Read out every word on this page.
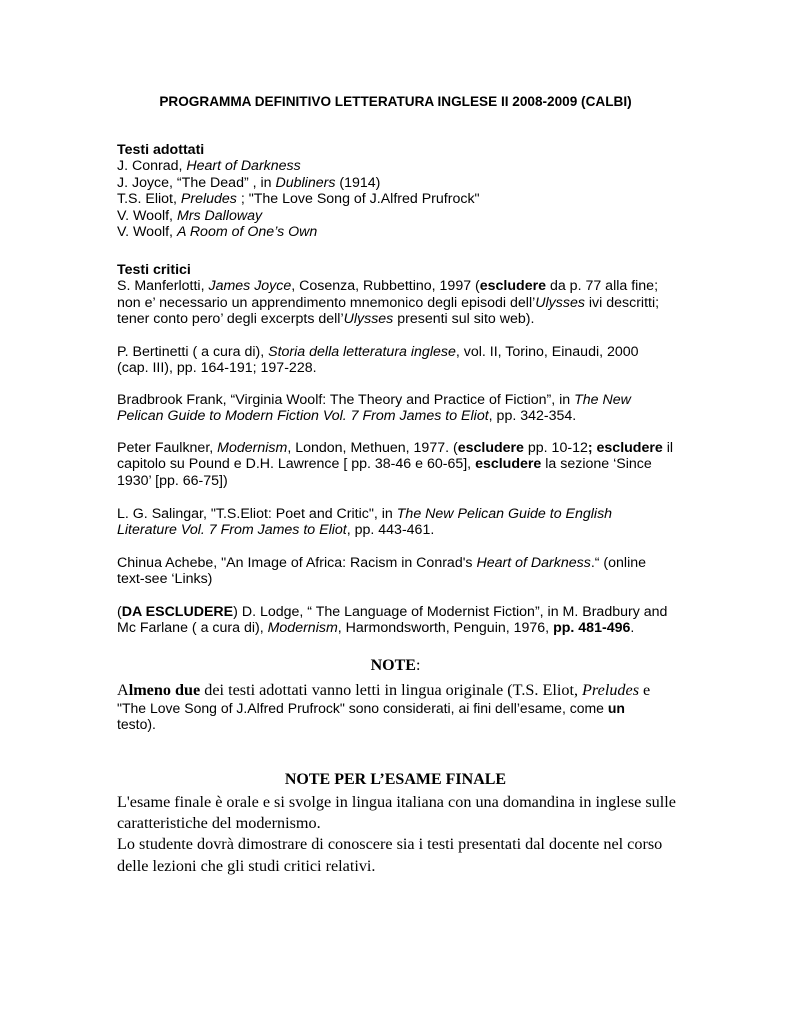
PROGRAMMA DEFINITIVO LETTERATURA INGLESE II 2008-2009 (CALBI)

Testi adottati

J. Conrad, Heart of Darkness

J. Joyce, “The Dead” , in Dubliners (1914)

T.S. Eliot, Preludes ; "The Love Song of J.Alfred Prufrock"

V. Woolf, Mrs Dalloway

V. Woolf, A Room of One’s Own

Testi critici

S. Manferlotti, James Joyce, Cosenza, Rubbettino, 1997 (escludere da p. 77 alla fine;
non e’ necessario un apprendimento mnemonico degli episodi dell’Ulysses ivi descritti;
tener conto pero’ degli excerpts dell’Ulysses presenti sul sito web).

P. Bertinetti ( a cura di), Storia della letteratura inglese, vol. II, Torino, Einaudi, 2000
(cap. III), pp. 164-191; 197-228.

Bradbrook Frank, “Virginia Woolf: The Theory and Practice of Fiction”, in The New
Pelican Guide to Modern Fiction Vol. 7 From James to Eliot, pp. 342-354.

Peter Faulkner, Modernism, London, Methuen, 1977. (escludere pp. 10-12; escludere il
capitolo su Pound e D.H. Lawrence [ pp. 38-46 e 60-65], escludere la sezione ‘Since
1930’ [pp. 66-75])

L. G. Salingar, "T.S.Eliot: Poet and Critic", in The New Pelican Guide to English
Literature Vol. 7 From James to Eliot, pp. 443-461.

Chinua Achebe, "An Image of Africa: Racism in Conrad's Heart of Darkness.“ (online
text-see ‘Links)

(DA ESCLUDERE) D. Lodge, “ The Language of Modernist Fiction”, in M. Bradbury and
Mc Farlane ( a cura di), Modernism, Harmondsworth, Penguin, 1976, pp. 481-496.

NOTE:
Almeno due dei testi adottati vanno letti in lingua originale (T.S. Eliot, Preludes e
"The Love Song of J.Alfred Prufrock" sono considerati, ai fini dell’esame, come un
testo).
NOTE PER L’ESAME FINALE

L'esame finale è orale e si svolge in lingua italiana con una domandina in inglese sulle caratteristiche del modernismo.

Lo studente dovrà dimostrare di conoscere sia i testi presentati dal docente nel corso delle lezioni che gli studi critici relativi.
